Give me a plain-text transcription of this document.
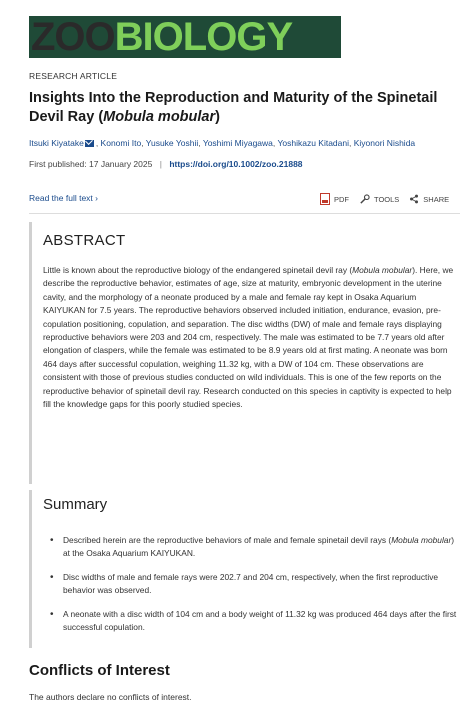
ZOO BIOLOGY
RESEARCH ARTICLE
Insights Into the Reproduction and Maturity of the Spinetail Devil Ray (Mobula mobular)
Itsuki Kiyatake , Konomi Ito, Yusuke Yoshii, Yoshimi Miyagawa, Yoshikazu Kitadani, Kiyonori Nishida
First published: 17 January 2025 | https://doi.org/10.1002/zoo.21888
Read the full text ›	PDF	TOOLS	SHARE
ABSTRACT

Little is known about the reproductive biology of the endangered spinetail devil ray (Mobula mobular). Here, we describe the reproductive behavior, estimates of age, size at maturity, embryonic development in the uterine cavity, and the morphology of a neonate produced by a male and female ray kept in Osaka Aquarium KAIYUKAN for 7.5 years. The reproductive behaviors observed included initiation, endurance, evasion, pre-copulation positioning, copulation, and separation. The disc widths (DW) of male and female rays displaying reproductive behaviors were 203 and 204 cm, respectively. The male was estimated to be 7.7 years old after elongation of claspers, while the female was estimated to be 8.9 years old at first mating. A neonate was born 464 days after successful copulation, weighing 11.32 kg, with a DW of 104 cm. These observations are consistent with those of previous studies conducted on wild individuals. This is one of the few reports on the reproductive behavior of spinetail devil ray. Research conducted on this species in captivity is expected to help fill the knowledge gaps for this poorly studied species.

Summary
• Described herein are the reproductive behaviors of male and female spinetail devil rays (Mobula mobular) at the Osaka Aquarium KAIYUKAN.
• Disc widths of male and female rays were 202.7 and 204 cm, respectively, when the first reproductive behavior was observed.
• A neonate with a disc width of 104 cm and a body weight of 11.32 kg was produced 464 days after the first successful copulation.
Conflicts of Interest

The authors declare no conflicts of interest.
